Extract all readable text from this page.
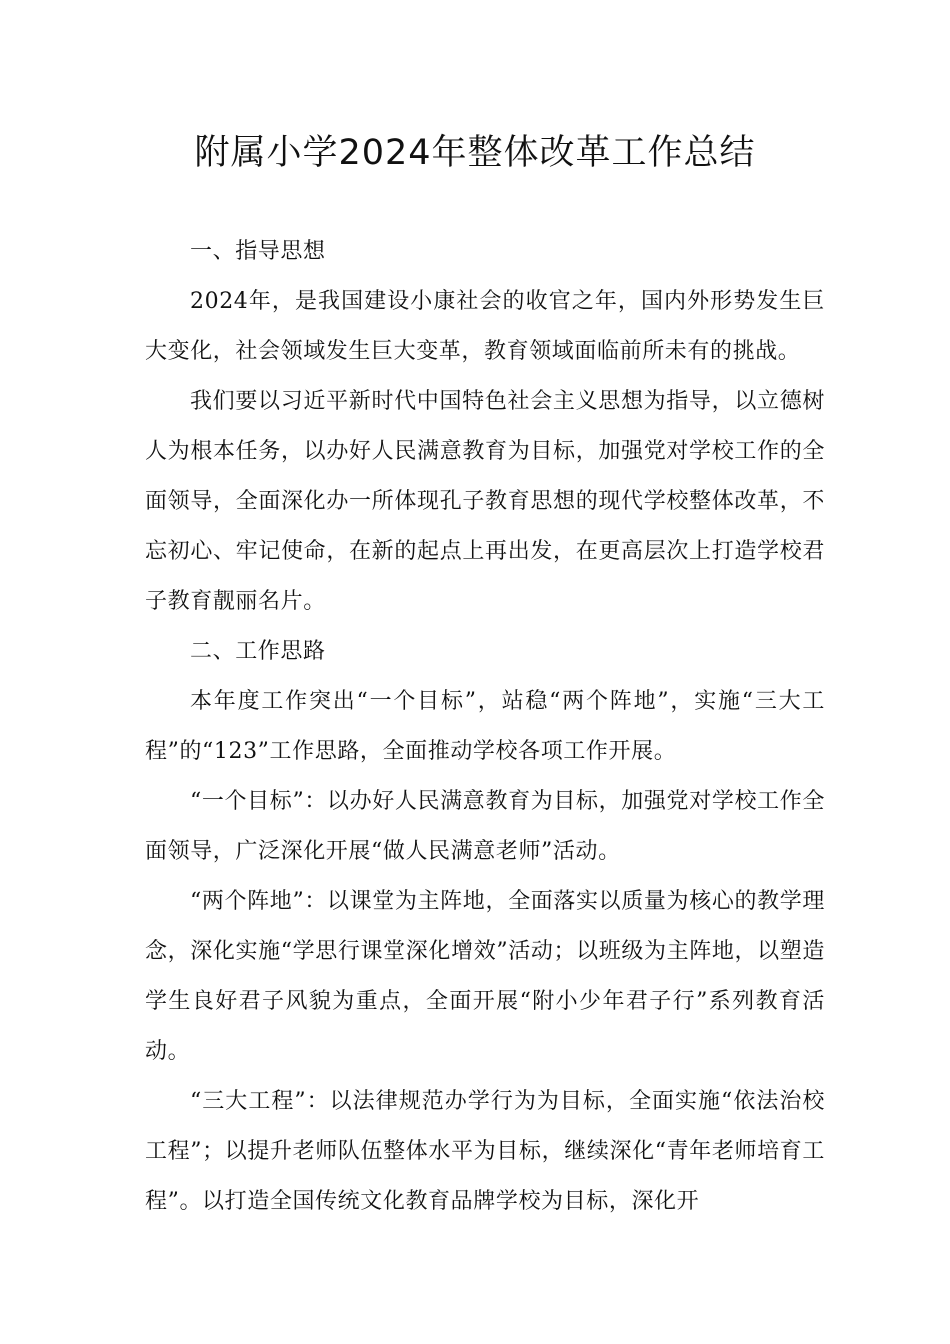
附属小学2024年整体改革工作总结

一、指导思想

2024年，是我国建设小康社会的收官之年，国内外形势发生巨大变化，社会领域发生巨大变革，教育领域面临前所未有的挑战。

我们要以习近平新时代中国特色社会主义思想为指导，以立德树人为根本任务，以办好人民满意教育为目标，加强党对学校工作的全面领导，全面深化办一所体现孔子教育思想的现代学校整体改革，不忘初心、牢记使命，在新的起点上再出发，在更高层次上打造学校君子教育靓丽名片。

二、工作思路

本年度工作突出“一个目标”，站稳“两个阵地”，实施“三大工程”的“123”工作思路，全面推动学校各项工作开展。

“一个目标”：以办好人民满意教育为目标，加强党对学校工作全面领导，广泛深化开展“做人民满意老师”活动。

“两个阵地”：以课堂为主阵地，全面落实以质量为核心的教学理念，深化实施“学思行课堂深化增效”活动；以班级为主阵地，以塑造学生良好君子风貌为重点，全面开展“附小少年君子行”系列教育活动。

“三大工程”：以法律规范办学行为为目标，全面实施“依法治校工程”；以提升老师队伍整体水平为目标，继续深化“青年老师培育工程”。以打造全国传统文化教育品牌学校为目标，深化开
